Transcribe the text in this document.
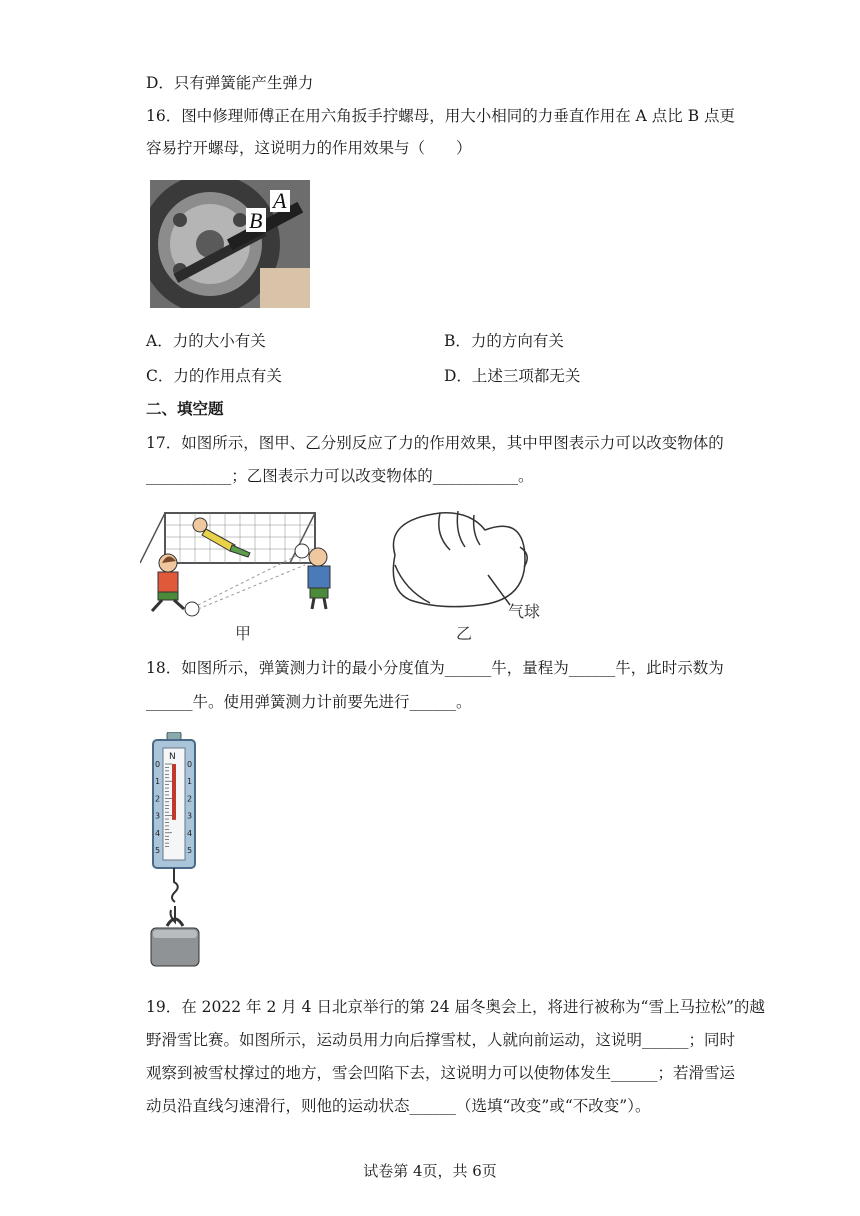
D．只有弹簧能产生弹力
16．图中修理师傅正在用六角扳手拧螺母，用大小相同的力垂直作用在 A 点比 B 点更
容易拧开螺母，这说明力的作用效果与（　　）
B
A
A．力的大小有关	B．力的方向有关
C．力的作用点有关	D．上述三项都无关
二、填空题
17．如图所示，图甲、乙分别反应了力的作用效果，其中甲图表示力可以改变物体的
___________；乙图表示力可以改变物体的___________。
甲
气球
乙
18．如图所示，弹簧测力计的最小分度值为______牛，量程为______牛，此时示数为
______牛。使用弹簧测力计前要先进行______。
N
0	0
1	1
2	2
3	3
4	4
5	5
19．在 2022 年 2 月 4 日北京举行的第 24 届冬奥会上，将进行被称为“雪上马拉松”的越
野滑雪比赛。如图所示，运动员用力向后撑雪杖，人就向前运动，这说明______；同时
观察到被雪杖撑过的地方，雪会凹陷下去，这说明力可以使物体发生______；若滑雪运
动员沿直线匀速滑行，则他的运动状态______（选填“改变”或“不改变”）。
试卷第 4页，共 6页
